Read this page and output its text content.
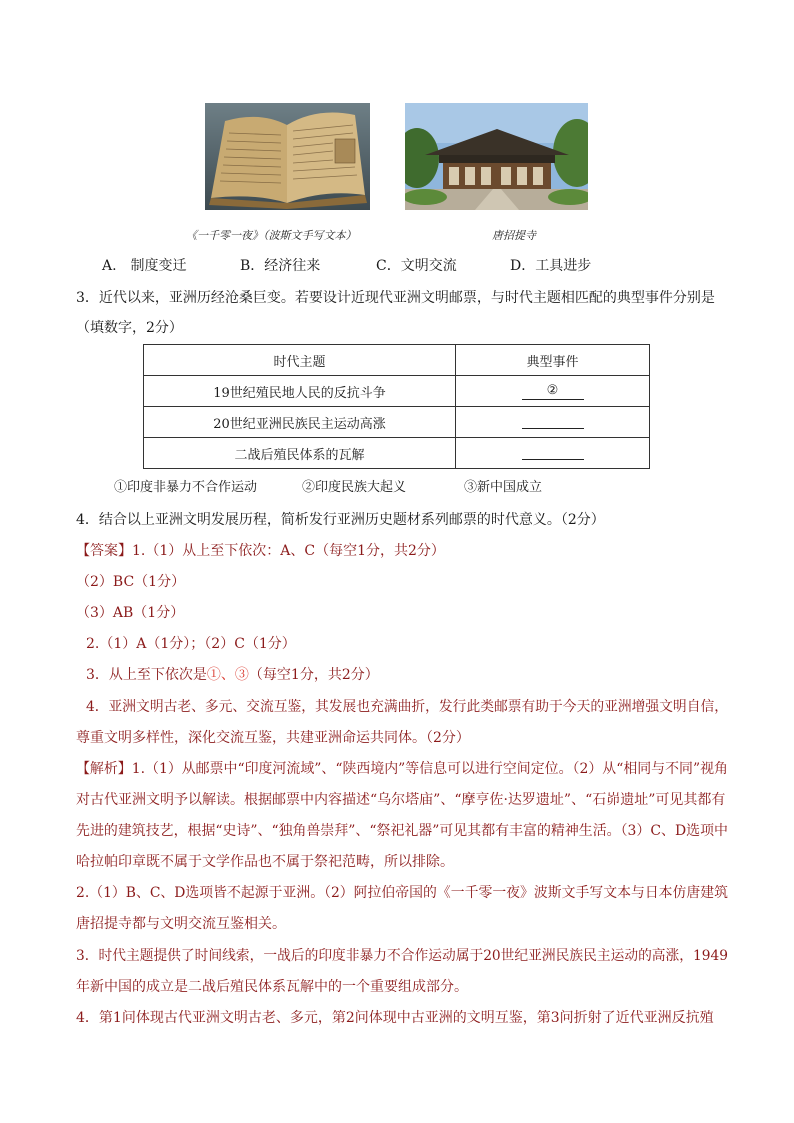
《一千零一夜》（波斯文手写文本）	唐招提寺
A.　制度变迁	B．经济往来	C．文明交流	D．工具进步
3．近代以来，亚洲历经沧桑巨变。若要设计近现代亚洲文明邮票，与时代主题相匹配的典型事件分别是
（填数字，2分）
时代主题	典型事件
19世纪殖民地人民的反抗斗争	②
20世纪亚洲民族民主运动高涨	
二战后殖民体系的瓦解	
①印度非暴力不合作运动	②印度民族大起义	③新中国成立
4．结合以上亚洲文明发展历程，简析发行亚洲历史题材系列邮票的时代意义。（2分）
【答案】1.（1）从上至下依次：A、C（每空1分，共2分）
（2）BC（1分）
（3）AB（1分）
2.（1）A（1分）；（2）C（1分）
3．从上至下依次是①、③（每空1分，共2分）
4．亚洲文明古老、多元、交流互鉴，其发展也充满曲折，发行此类邮票有助于今天的亚洲增强文明自信，
尊重文明多样性，深化交流互鉴，共建亚洲命运共同体。（2分）
【解析】1.（1）从邮票中“印度河流域”、“陕西境内”等信息可以进行空间定位。（2）从“相同与不同”视角
对古代亚洲文明予以解读。根据邮票中内容描述“乌尔塔庙”、“摩亨佐·达罗遗址”、“石峁遗址”可见其都有
先进的建筑技艺，根据“史诗”、“独角兽崇拜”、“祭祀礼器”可见其都有丰富的精神生活。（3）C、D选项中
哈拉帕印章既不属于文学作品也不属于祭祀范畴，所以排除。
2.（1）B、C、D选项皆不起源于亚洲。（2）阿拉伯帝国的《一千零一夜》波斯文手写文本与日本仿唐建筑
唐招提寺都与文明交流互鉴相关。
3．时代主题提供了时间线索，一战后的印度非暴力不合作运动属于20世纪亚洲民族民主运动的高涨，1949
年新中国的成立是二战后殖民体系瓦解中的一个重要组成部分。
4．第1问体现古代亚洲文明古老、多元，第2问体现中古亚洲的文明互鉴，第3问折射了近代亚洲反抗殖
